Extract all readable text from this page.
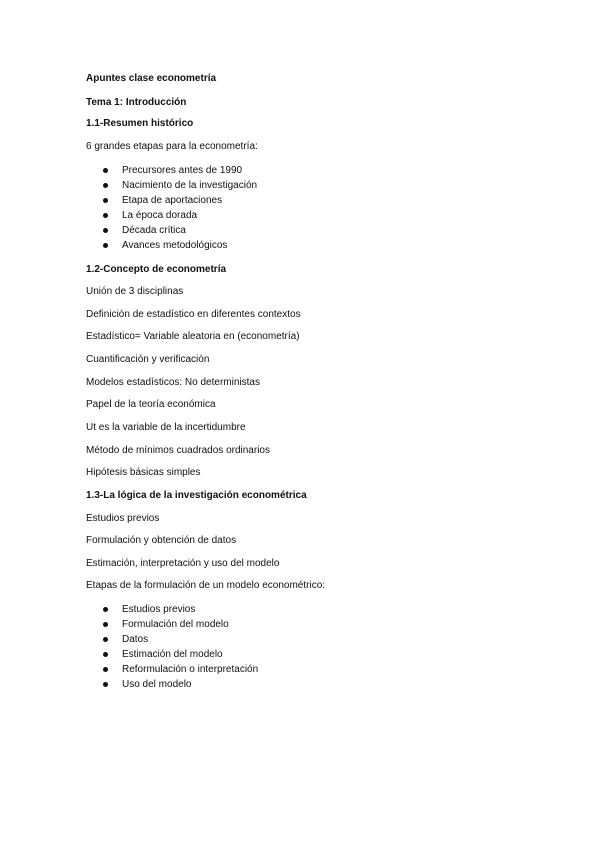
Apuntes clase econometría
Tema 1: Introducción
1.1-Resumen histórico
6 grandes etapas para la econometría:
Precursores antes de 1990
Nacimiento de la investigación
Etapa de aportaciones
La época dorada
Década crítica
Avances metodológicos
1.2-Concepto de econometría
Unión de 3 disciplinas
Definición de estadístico en diferentes contextos
Estadístico= Variable aleatoria en (econometría)
Cuantificación y verificación
Modelos estadísticos: No deterministas
Papel de la teoría económica
Ut es la variable de la incertidumbre
Método de mínimos cuadrados ordinarios
Hipótesis básicas simples
1.3-La lógica de la investigación econométrica
Estudios previos
Formulación y obtención de datos
Estimación, interpretación y uso del modelo
Etapas de la formulación de un modelo econométrico:
Estudios previos
Formulación del modelo
Datos
Estimación del modelo
Reformulación o interpretación
Uso del modelo
